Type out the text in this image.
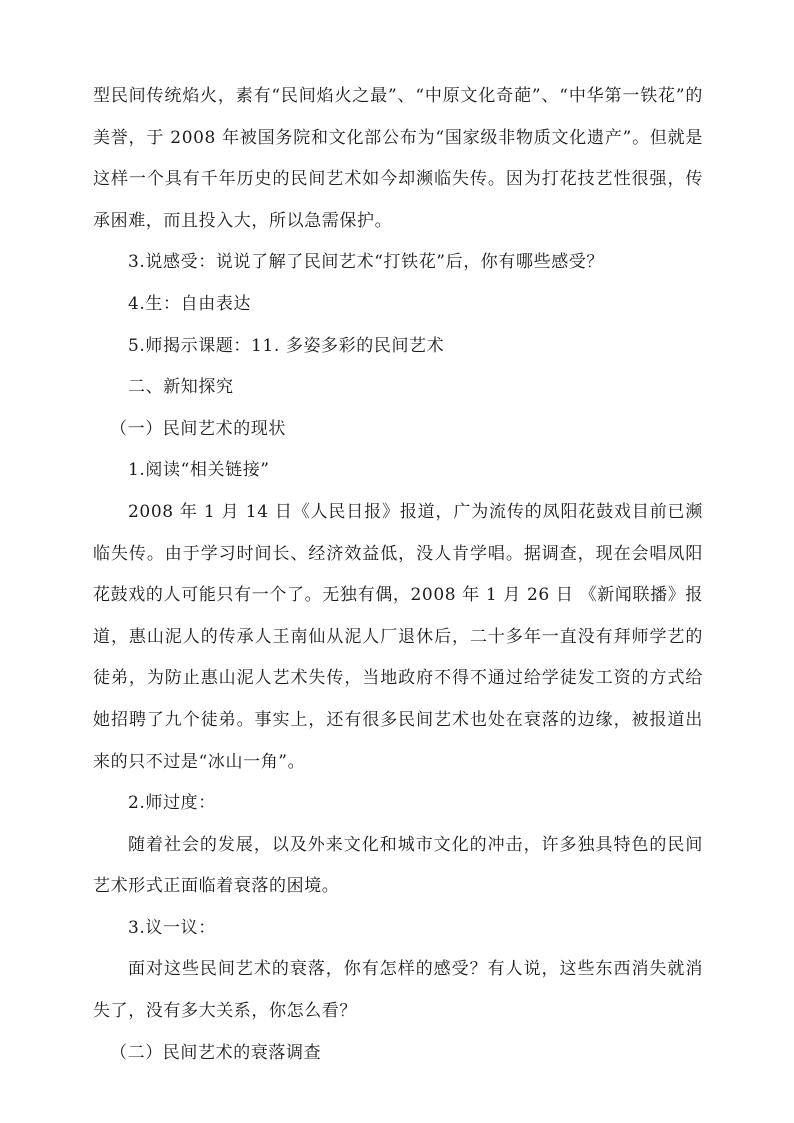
型民间传统焰火，素有“民间焰火之最”、“中原文化奇葩”、“中华第一铁花”的美誉，于 2008 年被国务院和文化部公布为“国家级非物质文化遗产”。但就是这样一个具有千年历史的民间艺术如今却濒临失传。因为打花技艺性很强，传承困难，而且投入大，所以急需保护。

3.说感受：说说了解了民间艺术“打铁花”后，你有哪些感受？

4.生：自由表达

5.师揭示课题：11. 多姿多彩的民间艺术

二、新知探究

（一）民间艺术的现状

1.阅读“相关链接”

2008 年 1 月 14 日《人民日报》报道，广为流传的凤阳花鼓戏目前已濒临失传。由于学习时间长、经济效益低，没人肯学唱。据调查，现在会唱凤阳花鼓戏的人可能只有一个了。无独有偶，2008 年 1 月 26 日 《新闻联播》报道，惠山泥人的传承人王南仙从泥人厂退休后，二十多年一直没有拜师学艺的徒弟，为防止惠山泥人艺术失传，当地政府不得不通过给学徒发工资的方式给她招聘了九个徒弟。事实上，还有很多民间艺术也处在衰落的边缘，被报道出来的只不过是“冰山一角”。

2.师过度：

随着社会的发展，以及外来文化和城市文化的冲击，许多独具特色的民间艺术形式正面临着衰落的困境。

3.议一议：

面对这些民间艺术的衰落，你有怎样的感受？有人说，这些东西消失就消失了，没有多大关系，你怎么看？

（二）民间艺术的衰落调查
